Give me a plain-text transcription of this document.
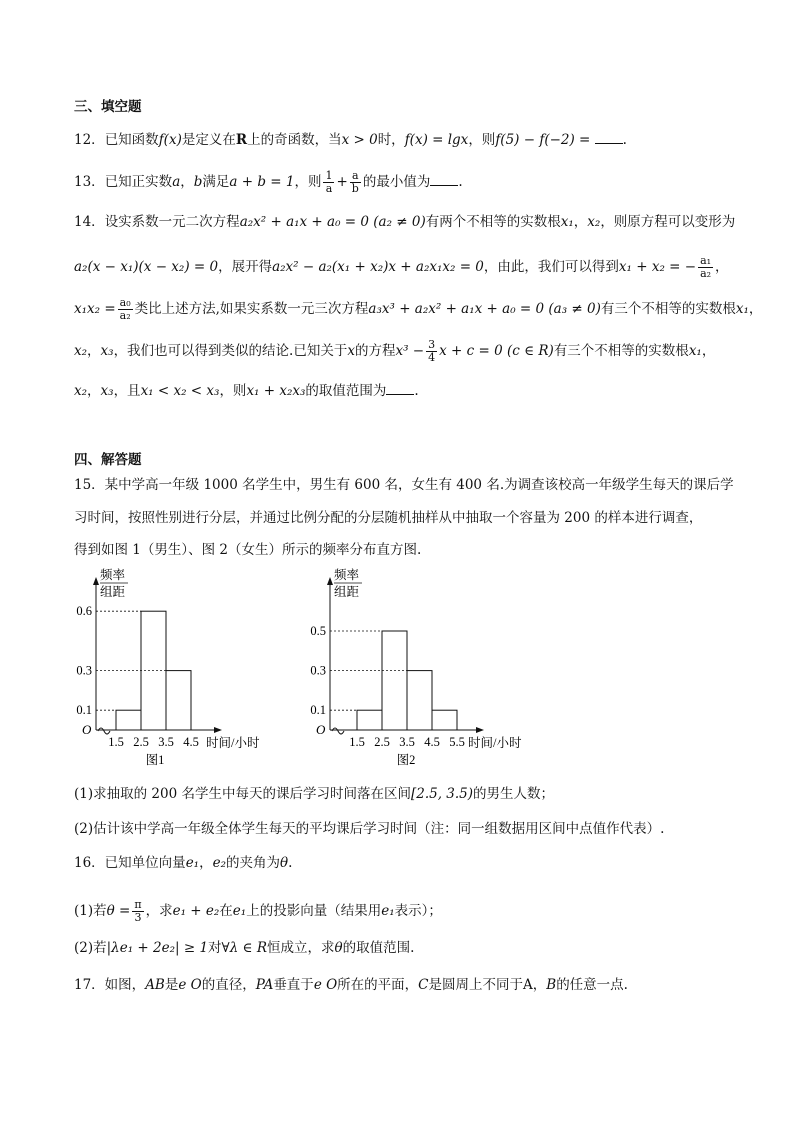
三、填空题
12．已知函数f(x)是定义在R上的奇函数，当x > 0时，f(x) = lgx，则f(5) − f(−2) = .
13．已知正实数a，b满足a + b = 1，则 $\frac{1}{a} + \frac{a}{b}$ 的最小值为 .
14．设实系数一元二次方程a₂x² + a₁x + a₀ = 0 (a₂ ≠ 0)有两个不相等的实数根x₁，x₂，则原方程可以变形为
a₂(x − x₁)(x − x₂) = 0，展开得a₂x² − a₂(x₁ + x₂)x + a₂x₁x₂ = 0，由此，我们可以得到x₁ + x₂ = − $\frac{\text{a₁}}{\text{a₂}}$ ，
$x_1x_2 = \frac{\text{a₀}}{\text{a₂}}$ 类比上述方法,如果实系数一元三次方程a₃x³ + a₂x² + a₁x + a₀ = 0 (a₃ ≠ 0)有三个不相等的实数根x₁，
x₂，x₃，我们也可以得到类似的结论.已知关于x的方程$x^3 - \frac{3}{4}$ x + c = 0 (c ∈ R)有三个不相等的实数根x₁，
x₂，x₃，且x₁ < x₂ < x₃，则x₁ + x₂x₃的取值范围为 .
四、解答题
15．某中学高一年级 1000 名学生中，男生有 600 名，女生有 400 名.为调查该校高一年级学生每天的课后学
习时间，按照性别进行分层，并通过比例分配的分层随机抽样从中抽取一个容量为 200 的样本进行调查，
得到如图 1（男生）、图 2（女生）所示的频率分布直方图.
频率
组距
0.1
0.3
0.6
1.5 2.5 3.5 4.5 时间/小时
O
图1
频率
组距
0.1
0.3
0.5
1.5 2.5 3.5 4.5 5.5 时间/小时
O
图2
(1)求抽取的 200 名学生中每天的课后学习时间落在区间[2.5, 3.5)的男生人数；
(2)估计该中学高一年级全体学生每天的平均课后学习时间（注：同一组数据用区间中点值作代表）.
16．已知单位向量e₁，e₂的夹角为θ.
(1)若$\theta = \frac{\pi}{3}$ ，求e₁ + e₂在e₁上的投影向量（结果用e₁表示）；
(2)若|λe₁ + 2e₂| ≥ 1对∀λ ∈ R恒成立，求θ的取值范围.
17．如图，AB是e O的直径，PA垂直于e O所在的平面，C是圆周上不同于A，B的任意一点.
